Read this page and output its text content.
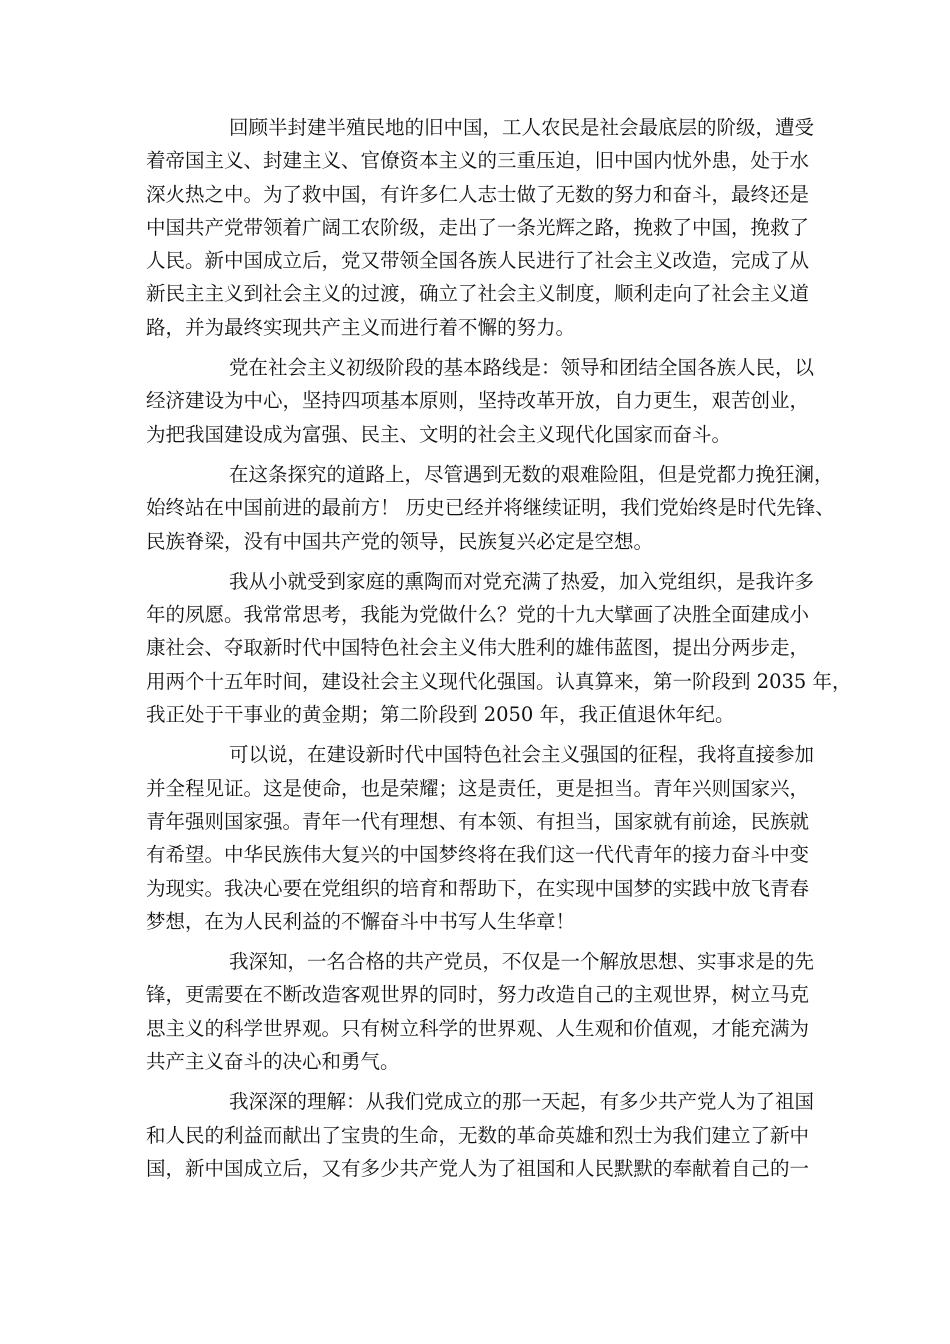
回顾半封建半殖民地的旧中国，工人农民是社会最底层的阶级，遭受
着帝国主义、封建主义、官僚资本主义的三重压迫，旧中国内忧外患，处于水
深火热之中。为了救中国，有许多仁人志士做了无数的努力和奋斗，最终还是
中国共产党带领着广阔工农阶级，走出了一条光辉之路，挽救了中国，挽救了
人民。新中国成立后，党又带领全国各族人民进行了社会主义改造，完成了从
新民主主义到社会主义的过渡，确立了社会主义制度，顺利走向了社会主义道
路，并为最终实现共产主义而进行着不懈的努力。
党在社会主义初级阶段的基本路线是：领导和团结全国各族人民，以
经济建设为中心，坚持四项基本原则，坚持改革开放，自力更生，艰苦创业，
为把我国建设成为富强、民主、文明的社会主义现代化国家而奋斗。
在这条探究的道路上，尽管遇到无数的艰难险阻，但是党都力挽狂澜，
始终站在中国前进的最前方！ 历史已经并将继续证明，我们党始终是时代先锋、
民族脊梁，没有中国共产党的领导，民族复兴必定是空想。
我从小就受到家庭的熏陶而对党充满了热爱，加入党组织，是我许多
年的夙愿。我常常思考，我能为党做什么？党的十九大擘画了决胜全面建成小
康社会、夺取新时代中国特色社会主义伟大胜利的雄伟蓝图，提出分两步走，
用两个十五年时间，建设社会主义现代化强国。认真算来，第一阶段到 2035 年，
我正处于干事业的黄金期；第二阶段到 2050 年，我正值退休年纪。
可以说，在建设新时代中国特色社会主义强国的征程，我将直接参加
并全程见证。这是使命，也是荣耀；这是责任，更是担当。青年兴则国家兴，
青年强则国家强。青年一代有理想、有本领、有担当，国家就有前途，民族就
有希望。中华民族伟大复兴的中国梦终将在我们这一代代青年的接力奋斗中变
为现实。我决心要在党组织的培育和帮助下，在实现中国梦的实践中放飞青春
梦想，在为人民利益的不懈奋斗中书写人生华章！
我深知，一名合格的共产党员，不仅是一个解放思想、实事求是的先
锋，更需要在不断改造客观世界的同时，努力改造自己的主观世界，树立马克
思主义的科学世界观。只有树立科学的世界观、人生观和价值观，才能充满为
共产主义奋斗的决心和勇气。
我深深的理解：从我们党成立的那一天起，有多少共产党人为了祖国
和人民的利益而献出了宝贵的生命，无数的革命英雄和烈士为我们建立了新中
国，新中国成立后，又有多少共产党人为了祖国和人民默默的奉献着自己的一
